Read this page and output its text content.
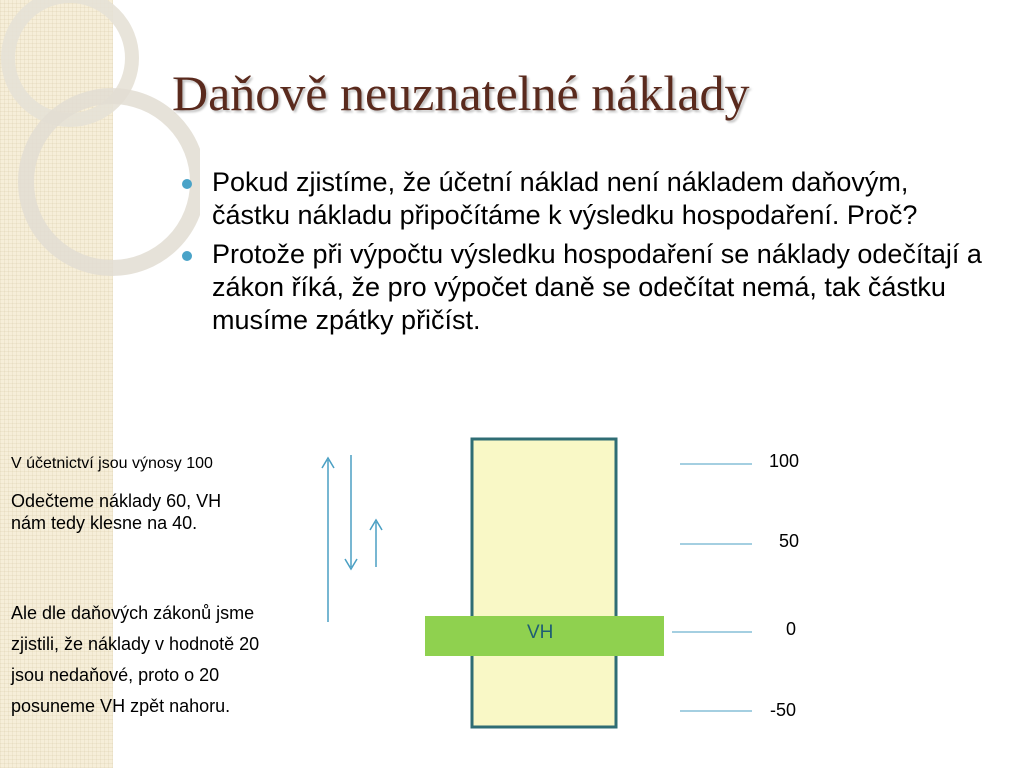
Daňově neuznatelné náklady
Pokud zjistíme, že účetní náklad není nákladem daňovým, částku nákladu připočítáme k výsledku hospodaření. Proč?
Protože při výpočtu výsledku hospodaření se náklady odečítají a zákon říká, že pro výpočet daně se odečítat nemá, tak částku musíme zpátky přičíst.
V účetnictví jsou výnosy 100
Odečteme náklady 60, VH
nám tedy klesne na 40.
Ale dle daňových zákonů jsme
zjistili, že náklady v hodnotě 20
jsou nedaňové, proto o 20
posuneme VH zpět nahoru.
VH
100
50
0
-50
